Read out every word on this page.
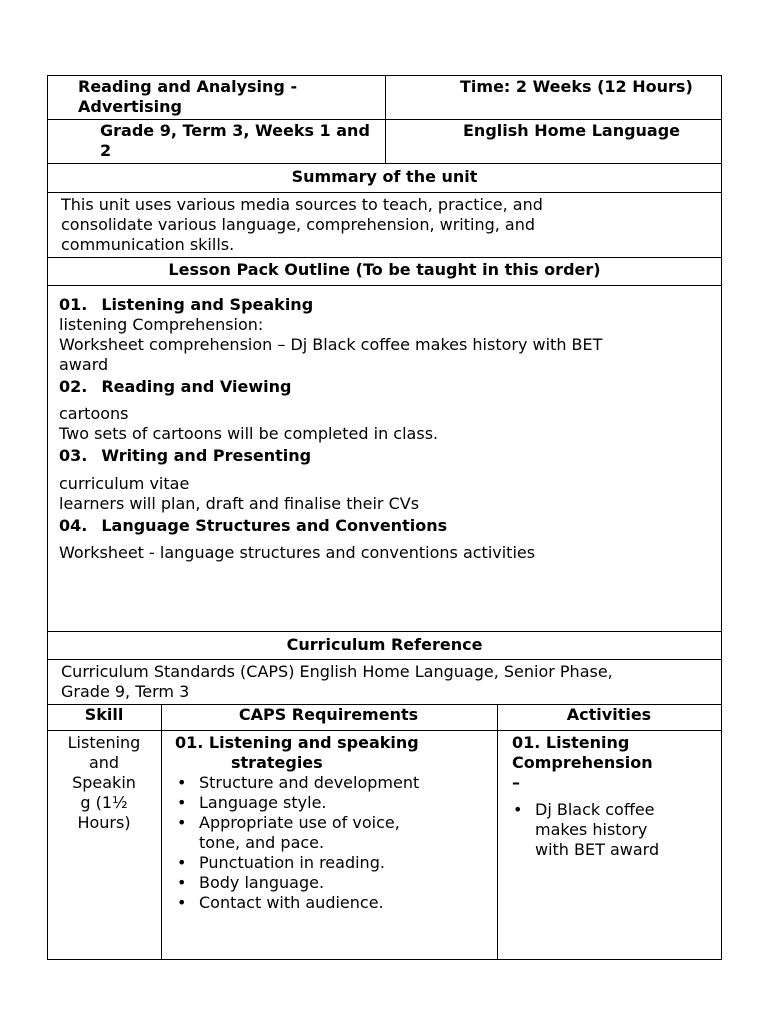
Reading and Analysing -
Advertising
Time: 2 Weeks (12 Hours)
Grade 9, Term 3, Weeks 1 and
2
English Home Language
Summary of the unit
This unit uses various media sources to teach, practice, and
consolidate various language, comprehension, writing, and
communication skills.
Lesson Pack Outline (To be taught in this order)
01. Listening and Speaking
listening Comprehension:
Worksheet comprehension – Dj Black coffee makes history with BET
award
02. Reading and Viewing
cartoons
Two sets of cartoons will be completed in class.
03. Writing and Presenting
curriculum vitae
learners will plan, draft and finalise their CVs
04. Language Structures and Conventions
Worksheet - language structures and conventions activities
Curriculum Reference
Curriculum Standards (CAPS) English Home Language, Senior Phase,
Grade 9, Term 3
Skill	CAPS Requirements	Activities
Listening
and
Speakin
g (1½
Hours)
01. Listening and speaking
strategies
• Structure and development
• Language style.
• Appropriate use of voice,
tone, and pace.
• Punctuation in reading.
• Body language.
• Contact with audience.
01. Listening
Comprehension
–
• Dj Black coffee
makes history
with BET award
